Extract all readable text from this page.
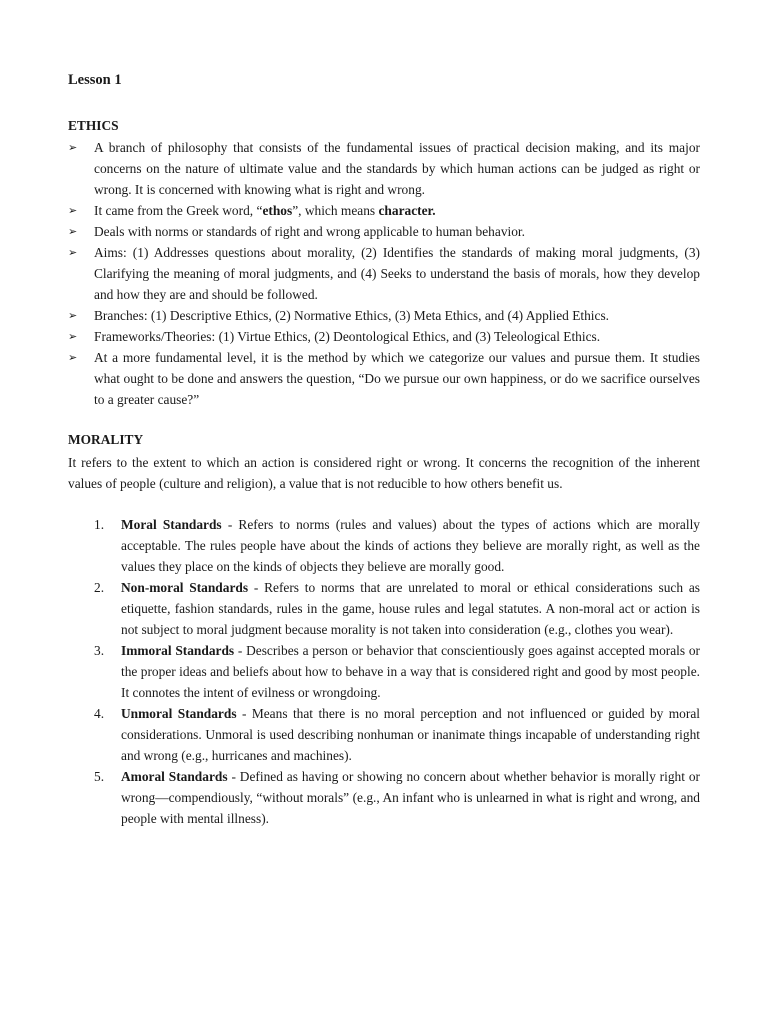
Lesson 1
ETHICS
➢	A branch of philosophy that consists of the fundamental issues of practical decision making, and its major concerns on the nature of ultimate value and the standards by which human actions can be judged as right or wrong. It is concerned with knowing what is right and wrong.
➢	It came from the Greek word, “ethos”, which means character.
➢	Deals with norms or standards of right and wrong applicable to human behavior.
➢	Aims: (1) Addresses questions about morality, (2) Identifies the standards of making moral judgments, (3) Clarifying the meaning of moral judgments, and (4) Seeks to understand the basis of morals, how they develop and how they are and should be followed.
➢	Branches: (1) Descriptive Ethics, (2) Normative Ethics, (3) Meta Ethics, and (4) Applied Ethics.
➢	Frameworks/Theories: (1) Virtue Ethics, (2) Deontological Ethics, and (3) Teleological Ethics.
➢	At a more fundamental level, it is the method by which we categorize our values and pursue them. It studies what ought to be done and answers the question, “Do we pursue our own happiness, or do we sacrifice ourselves to a greater cause?”
MORALITY

It refers to the extent to which an action is considered right or wrong. It concerns the recognition of the inherent values of people (culture and religion), a value that is not reducible to how others benefit us.

1. Moral Standards - Refers to norms (rules and values) about the types of actions which are morally acceptable. The rules people have about the kinds of actions they believe are morally right, as well as the values they place on the kinds of objects they believe are morally good.
2. Non-moral Standards - Refers to norms that are unrelated to moral or ethical considerations such as etiquette, fashion standards, rules in the game, house rules and legal statutes. A non-moral act or action is not subject to moral judgment because morality is not taken into consideration (e.g., clothes you wear).
3. Immoral Standards - Describes a person or behavior that conscientiously goes against accepted morals or the proper ideas and beliefs about how to behave in a way that is considered right and good by most people. It connotes the intent of evilness or wrongdoing.
4. Unmoral Standards - Means that there is no moral perception and not influenced or guided by moral considerations. Unmoral is used describing nonhuman or inanimate things incapable of understanding right and wrong (e.g., hurricanes and machines).
5. Amoral Standards - Defined as having or showing no concern about whether behavior is morally right or wrong—compendiously, “without morals” (e.g., An infant who is unlearned in what is right and wrong, and people with mental illness).
